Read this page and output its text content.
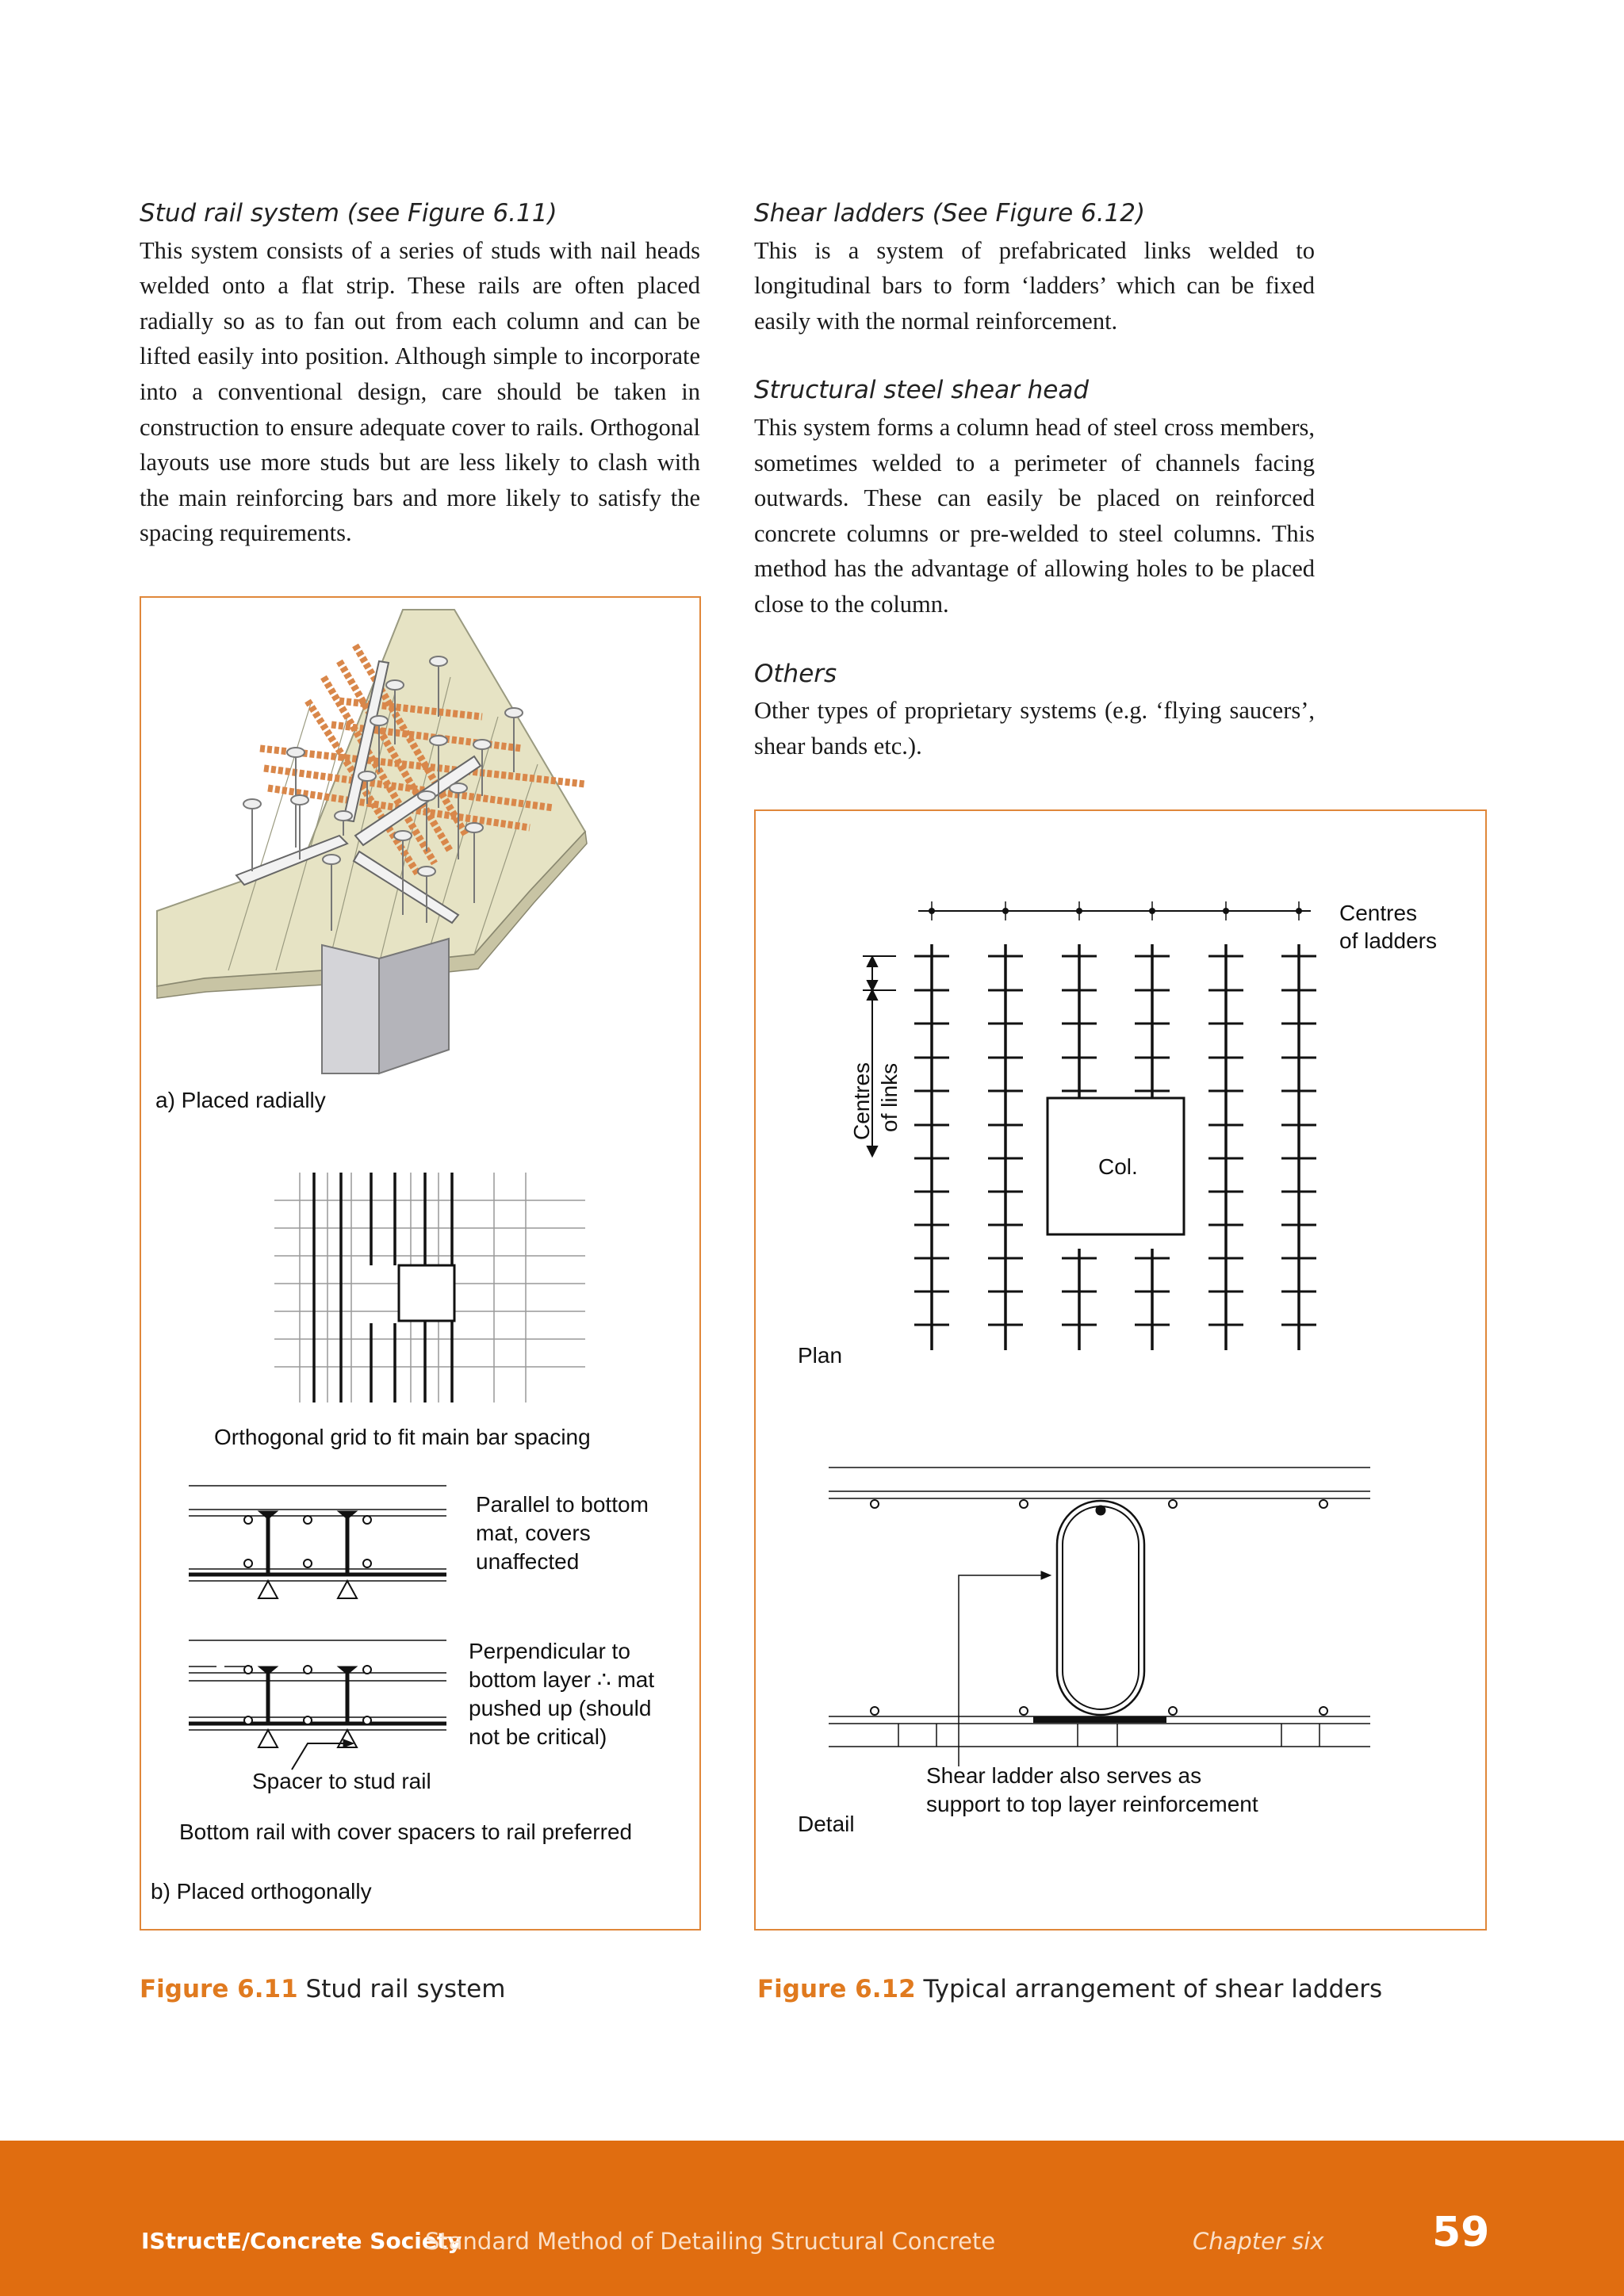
Stud rail system (see Figure 6.11)

This system consists of a series of studs with nail heads welded onto a flat strip. These rails are often placed radially so as to fan out from each column and can be lifted easily into position. Although simple to incorporate into a conventional design, care should be taken in construction to ensure adequate cover to rails. Orthogonal layouts use more studs but are less likely to clash with the main reinforcing bars and more likely to satisfy the spacing requirements.

Shear ladders (See Figure 6.12)

This is a system of prefabricated links welded to longitudinal bars to form ‘ladders’ which can be fixed easily with the normal reinforcement.

Structural steel shear head

This system forms a column head of steel cross members, sometimes welded to a perimeter of channels facing outwards. These can easily be placed on reinforced concrete columns or pre-welded to steel columns. This method has the advantage of allowing holes to be placed close to the column.

Others

Other types of proprietary systems (e.g. ‘flying saucers’, shear bands etc.).

a) Placed radially
Orthogonal grid to fit main bar spacing
Parallel to bottom
mat, covers
unaffected
Perpendicular to
bottom layer ∴ mat
pushed up (should
not be critical)
Spacer to stud rail
Bottom rail with cover spacers to rail preferred
b) Placed orthogonally
Centres
of ladders
Centres of links
Col.
Plan
Shear ladder also serves as
support to top layer reinforcement
Detail
Figure 6.11 Stud rail system	Figure 6.12 Typical arrangement of shear ladders
IStructE/Concrete Society
Standard Method of Detailing Structural Concrete	Chapter six	59
